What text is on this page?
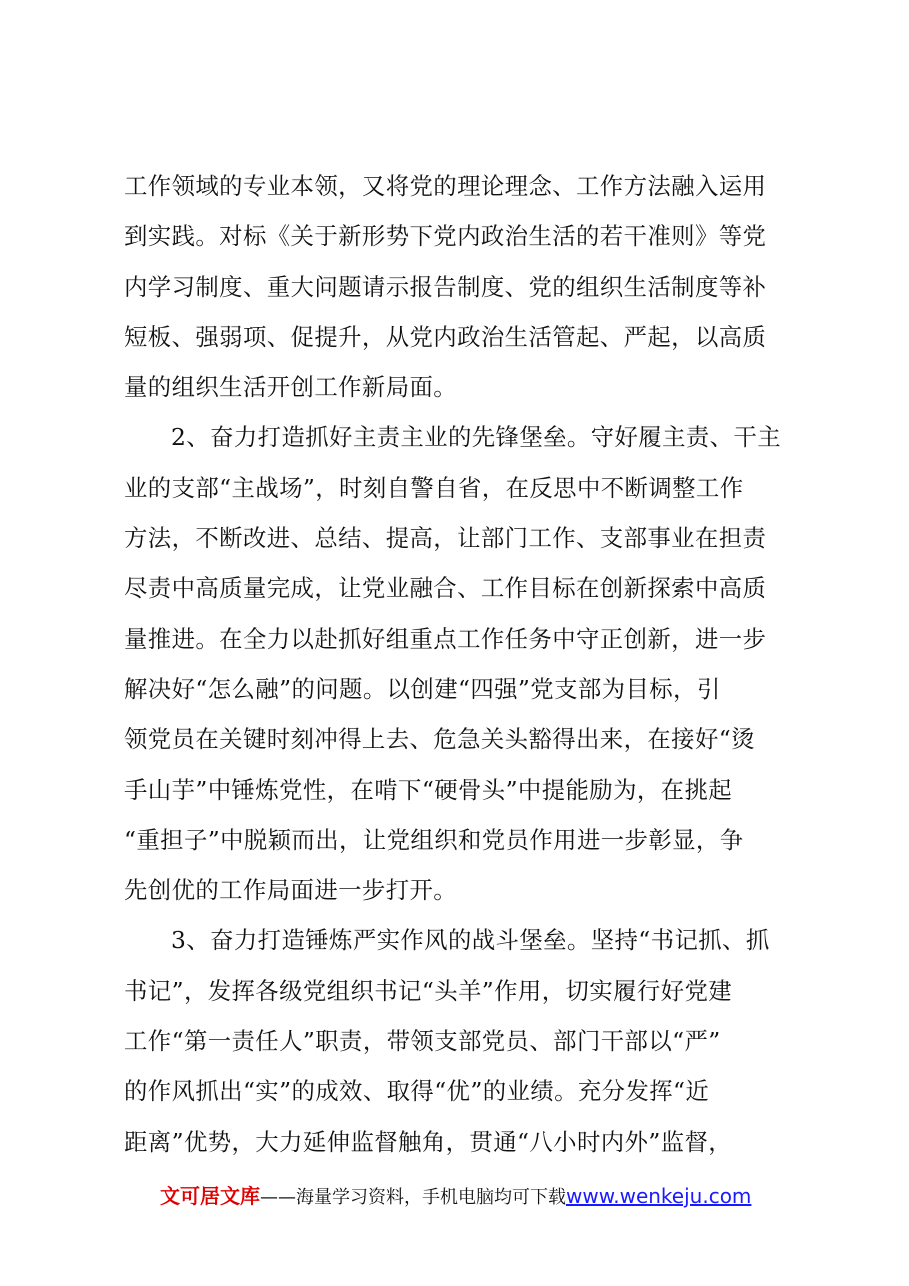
工作领域的专业本领，又将党的理论理念、工作方法融入运用
到实践。对标《关于新形势下党内政治生活的若干准则》等党
内学习制度、重大问题请示报告制度、党的组织生活制度等补
短板、强弱项、促提升，从党内政治生活管起、严起，以高质
量的组织生活开创工作新局面。
2、奋力打造抓好主责主业的先锋堡垒。守好履主责、干主
业的支部“主战场”，时刻自警自省，在反思中不断调整工作
方法，不断改进、总结、提高，让部门工作、支部事业在担责
尽责中高质量完成，让党业融合、工作目标在创新探索中高质
量推进。在全力以赴抓好组重点工作任务中守正创新，进一步
解决好“怎么融”的问题。以创建“四强”党支部为目标，引
领党员在关键时刻冲得上去、危急关头豁得出来，在接好“烫
手山芋”中锤炼党性，在啃下“硬骨头”中提能励为，在挑起
“重担子”中脱颖而出，让党组织和党员作用进一步彰显，争
先创优的工作局面进一步打开。
3、奋力打造锤炼严实作风的战斗堡垒。坚持“书记抓、抓
书记”，发挥各级党组织书记“头羊”作用，切实履行好党建
工作“第一责任人”职责，带领支部党员、部门干部以“严”
的作风抓出“实”的成效、取得“优”的业绩。充分发挥“近
距离”优势，大力延伸监督触角，贯通“八小时内外”监督，
文可居文库——海量学习资料，手机电脑均可下载www.wenkeju.com
